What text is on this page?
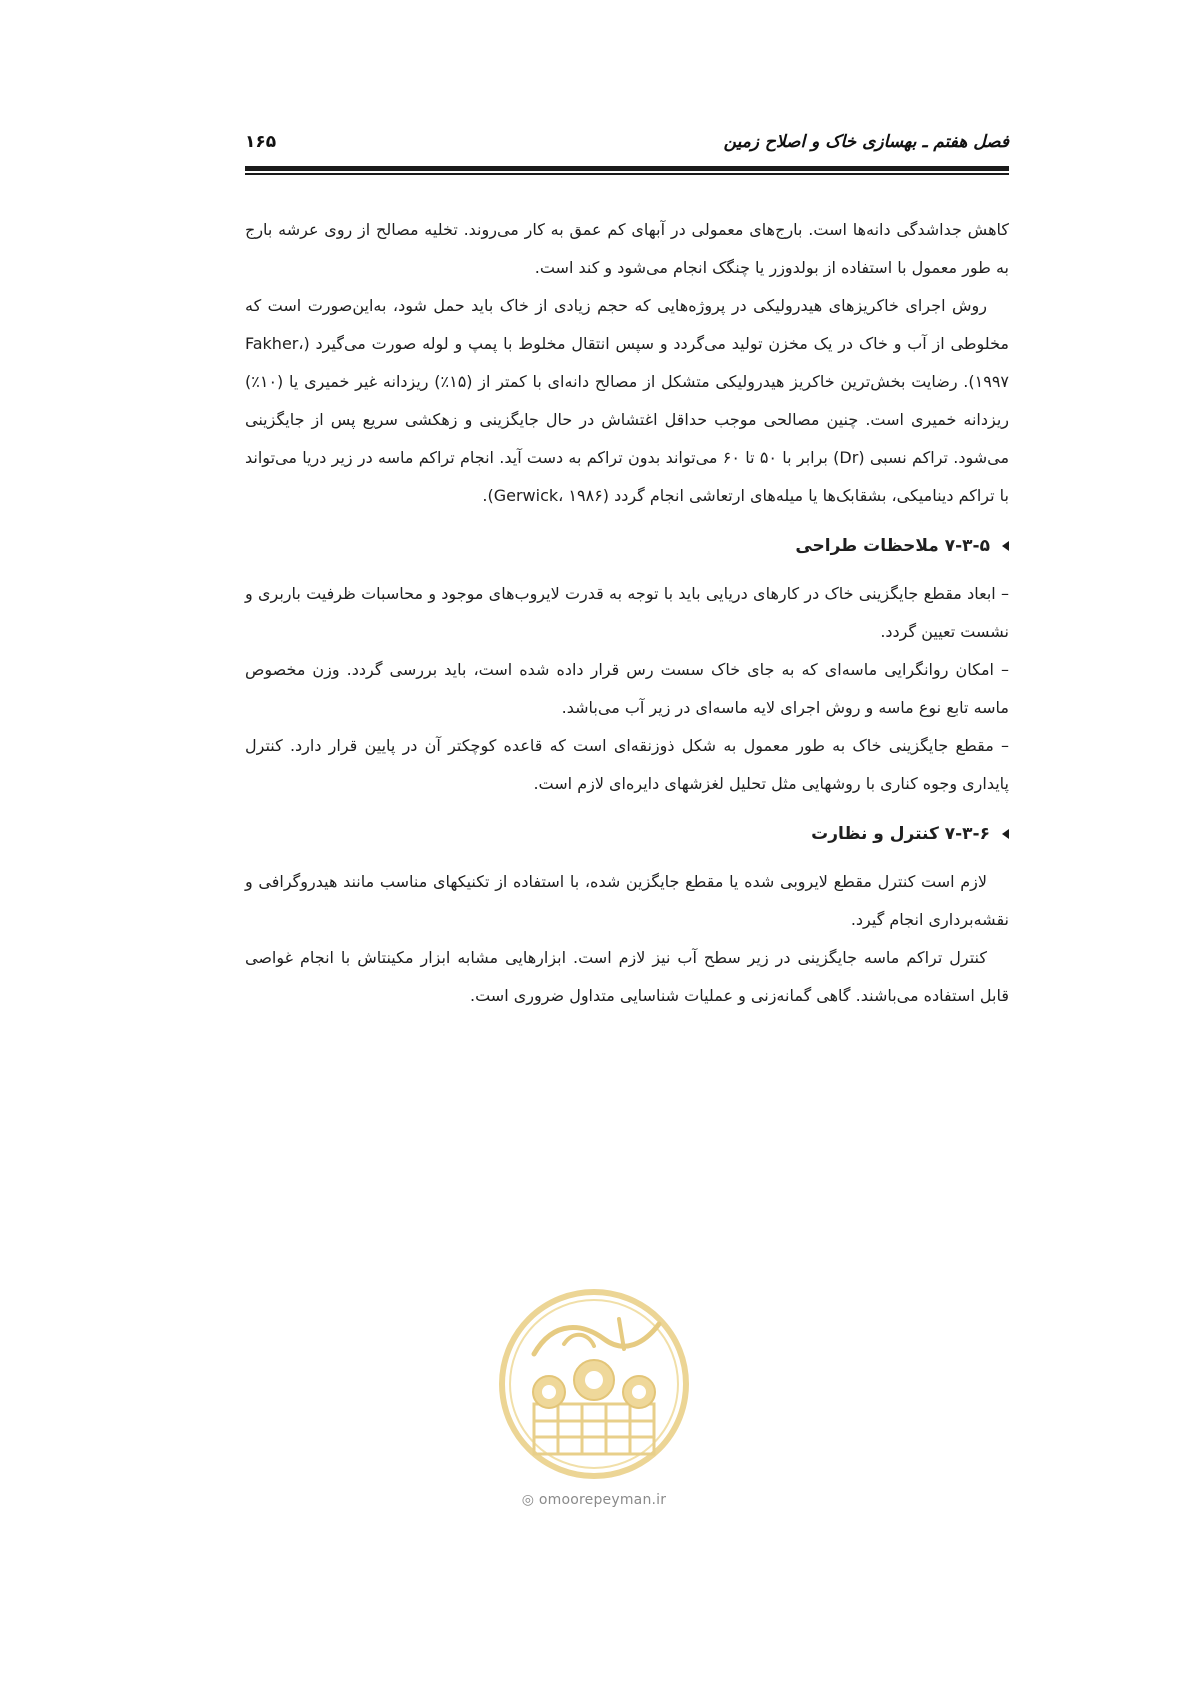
فصل هفتم ـ بهسازی خاک و اصلاح زمین
۱۶۵

کاهش جداشدگی دانه‌ها است. بارج‌های معمولی در آبهای کم عمق به کار می‌روند. تخلیه مصالح از روی عرشه بارج به طور معمول با استفاده از بولدوزر یا چنگک انجام می‌شود و کند است.

روش اجرای خاکریزهای هیدرولیکی در پروژه‌هایی که حجم زیادی از خاک باید حمل شود، به‌این‌صورت است که مخلوطی از آب و خاک در یک مخزن تولید می‌گردد و سپس انتقال مخلوط با پمپ و لوله صورت می‌گیرد (Fakher، ۱۹۹۷). رضایت بخش‌ترین خاکریز هیدرولیکی متشکل از مصالح دانه‌ای با کمتر از (۱۵٪) ریزدانه غیر خمیری یا (۱۰٪) ریزدانه خمیری است. چنین مصالحی موجب حداقل اغتشاش در حال جایگزینی و زهکشی سریع پس از جایگزینی می‌شود. تراکم نسبی (Dr) برابر با ۵۰ تا ۶۰ می‌تواند بدون تراکم به دست آید. انجام تراکم ماسه در زیر دریا می‌تواند با تراکم دینامیکی، بشقابک‌ها یا میله‌های ارتعاشی انجام گردد (Gerwick، ۱۹۸۶).

۷-۳-۵ ملاحظات طراحی

– ابعاد مقطع جایگزینی خاک در کارهای دریایی باید با توجه به قدرت لایروب‌های موجود و محاسبات ظرفیت باربری و نشست تعیین گردد.

– امکان روانگرایی ماسه‌ای که به جای خاک سست رس قرار داده شده است، باید بررسی گردد. وزن مخصوص ماسه تابع نوع ماسه و روش اجرای لایه ماسه‌ای در زیر آب می‌باشد.

– مقطع جایگزینی خاک به طور معمول به شکل ذوزنقه‌ای است که قاعده کوچکتر آن در پایین قرار دارد. کنترل پایداری وجوه کناری با روشهایی مثل تحلیل لغزشهای دایره‌ای لازم است.

۷-۳-۶ کنترل و نظارت

لازم است کنترل مقطع لایروبی شده یا مقطع جایگزین شده، با استفاده از تکنیکهای مناسب مانند هیدروگرافی و نقشه‌برداری انجام گیرد.

کنترل تراکم ماسه جایگزینی در زیر سطح آب نیز لازم است. ابزارهایی مشابه ابزار مکینتاش با انجام غواصی قابل استفاده می‌باشند. گاهی گمانه‌زنی و عملیات شناسایی متداول ضروری است.

◎ omoorepeyman.ir
